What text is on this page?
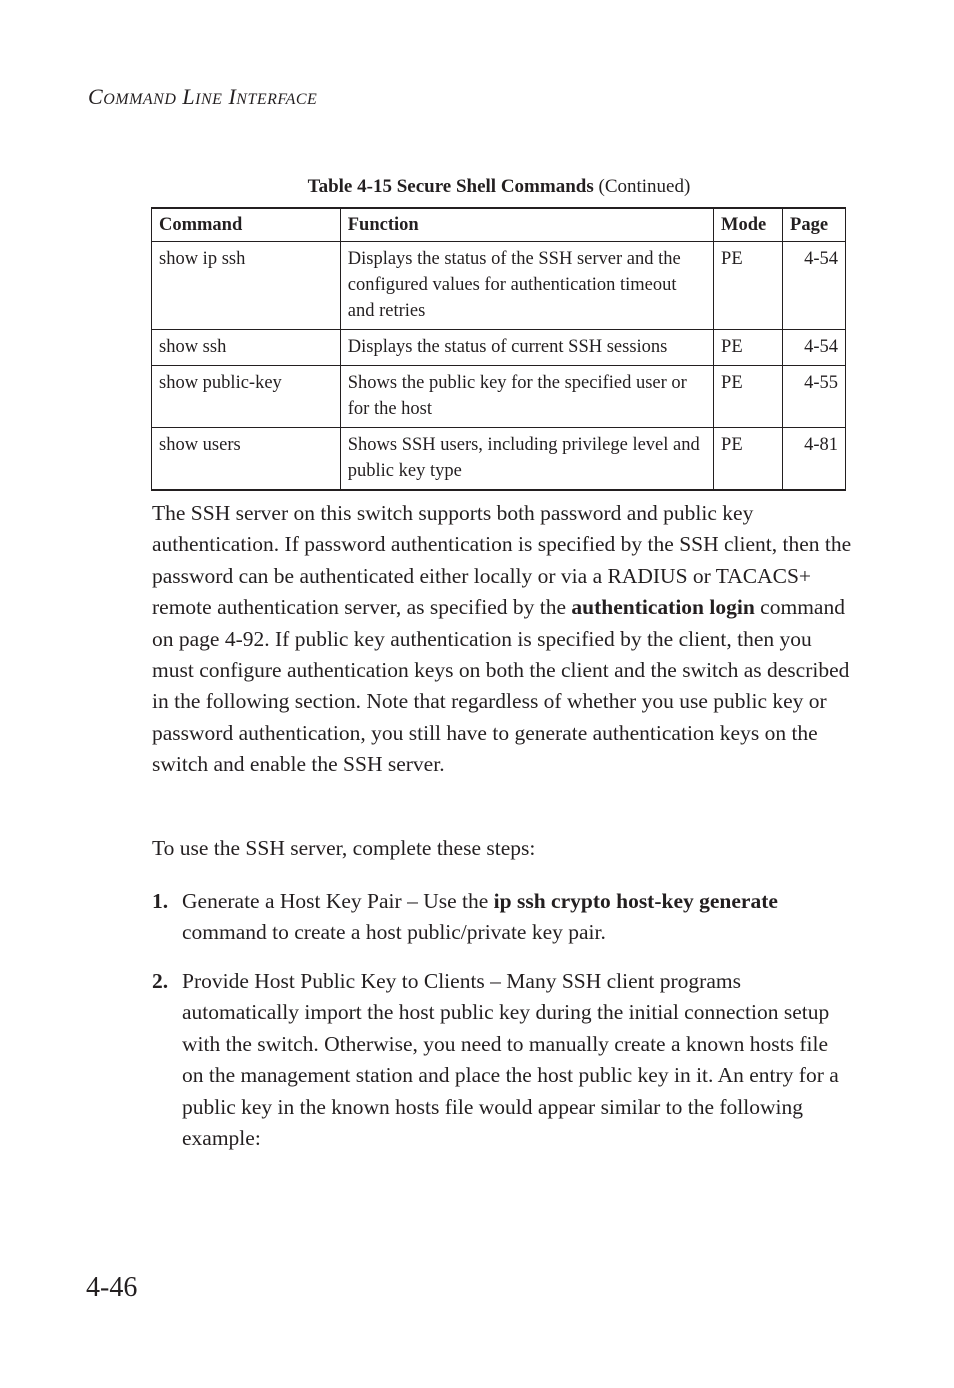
COMMAND LINE INTERFACE
Table 4-15 Secure Shell Commands (Continued)
Command	Function	Mode	Page
show ip ssh	Displays the status of the SSH server and the configured values for authentication timeout and retries	PE	4-54
show ssh	Displays the status of current SSH sessions	PE	4-54
show public-key	Shows the public key for the specified user or for the host	PE	4-55
show users	Shows SSH users, including privilege level and public key type	PE	4-81
The SSH server on this switch supports both password and public key authentication. If password authentication is specified by the SSH client, then the password can be authenticated either locally or via a RADIUS or TACACS+ remote authentication server, as specified by the authentication login command on page 4-92. If public key authentication is specified by the client, then you must configure authentication keys on both the client and the switch as described in the following section. Note that regardless of whether you use public key or password authentication, you still have to generate authentication keys on the switch and enable the SSH server.
To use the SSH server, complete these steps:
1. Generate a Host Key Pair – Use the ip ssh crypto host-key generate command to create a host public/private key pair.
2. Provide Host Public Key to Clients – Many SSH client programs automatically import the host public key during the initial connection setup with the switch. Otherwise, you need to manually create a known hosts file on the management station and place the host public key in it. An entry for a public key in the known hosts file would appear similar to the following example:
4-46
